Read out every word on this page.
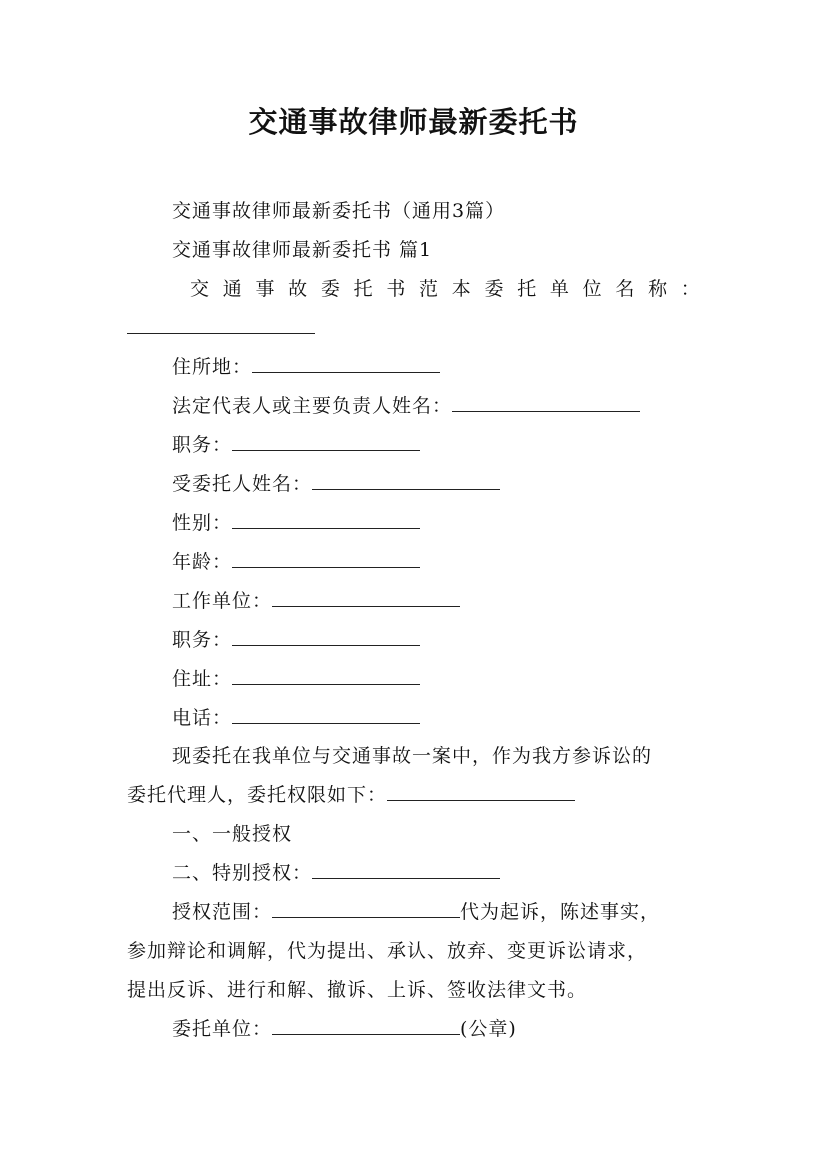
交通事故律师最新委托书
交通事故律师最新委托书（通用3篇）
交通事故律师最新委托书 篇1
交 通 事 故 委 托 书 范 本 委 托 单 位 名 称 ：
住所地：
法定代表人或主要负责人姓名：
职务：
受委托人姓名：
性别：
年龄：
工作单位：
职务：
住址：
电话：
现委托在我单位与交通事故一案中，作为我方参诉讼的
委托代理人，委托权限如下：
一、一般授权
二、特别授权：
授权范围：	代为起诉，陈述事实，
参加辩论和调解，代为提出、承认、放弃、变更诉讼请求，
提出反诉、进行和解、撤诉、上诉、签收法律文书。
委托单位：	(公章)
